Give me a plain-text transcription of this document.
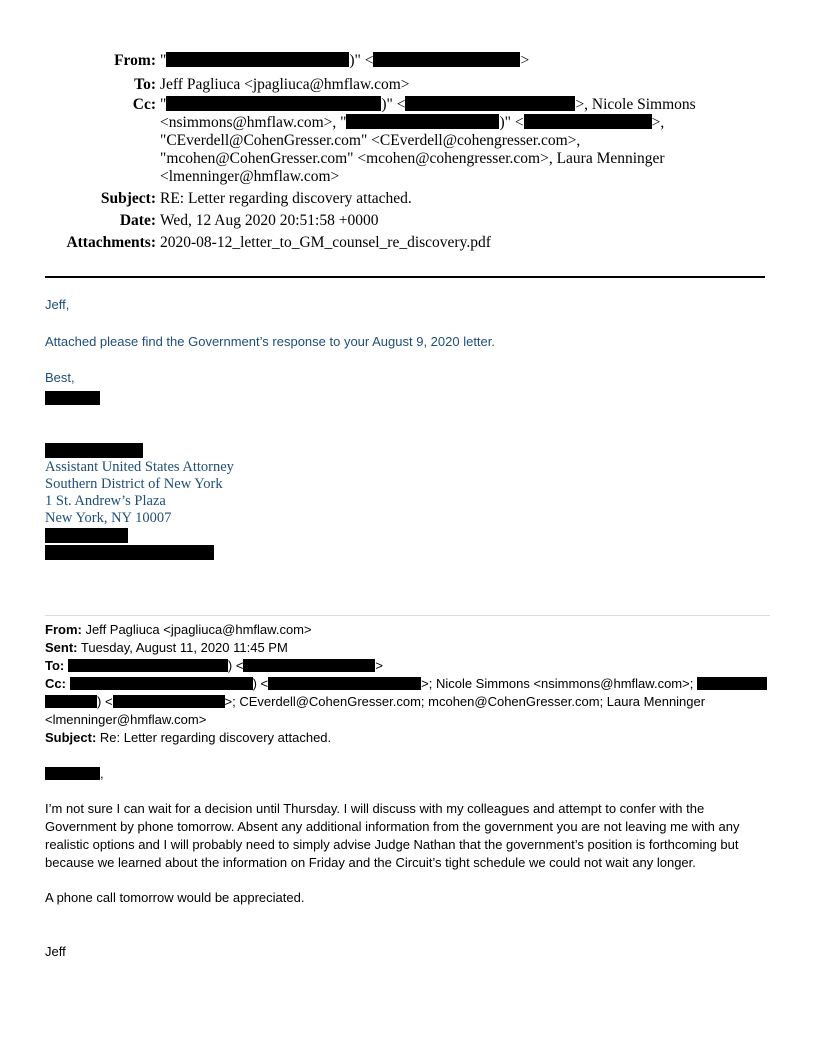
From: "	)" <	>
To: Jeff Pagliuca <jpagliuca@hmflaw.com>
Cc: "	)" <	>, Nicole Simmons
<nsimmons@hmflaw.com>, "	)" <	>,
"CEverdell@CohenGresser.com" <CEverdell@cohengresser.com>,
"mcohen@CohenGresser.com" <mcohen@cohengresser.com>, Laura Menninger
<lmenninger@hmflaw.com>
Subject: RE: Letter regarding discovery attached.
Date: Wed, 12 Aug 2020 20:51:58 +0000
Attachments: 2020-08-12_letter_to_GM_counsel_re_discovery.pdf

Jeff,

Attached please find the Government’s response to your August 9, 2020 letter.

Best,

Assistant United States Attorney
Southern District of New York
1 St. Andrew’s Plaza
New York, NY 10007
From: Jeff Pagliuca <jpagliuca@hmflaw.com>
Sent: Tuesday, August 11, 2020 11:45 PM
To:	) <	>
Cc:	) <	>; Nicole Simmons <nsimmons@hmflaw.com>;
) <	>; CEverdell@CohenGresser.com; mcohen@CohenGresser.com; Laura Menninger
<lmenninger@hmflaw.com>
Subject: Re: Letter regarding discovery attached.
,
I’m not sure I can wait for a decision until Thursday. I will discuss with my colleagues and attempt to confer with the Government by phone tomorrow. Absent any additional information from the government you are not leaving me with any realistic options and I will probably need to simply advise Judge Nathan that the government’s position is forthcoming but because we learned about the information on Friday and the Circuit’s tight schedule we could not wait any longer.
A phone call tomorrow would be appreciated.
Jeff
